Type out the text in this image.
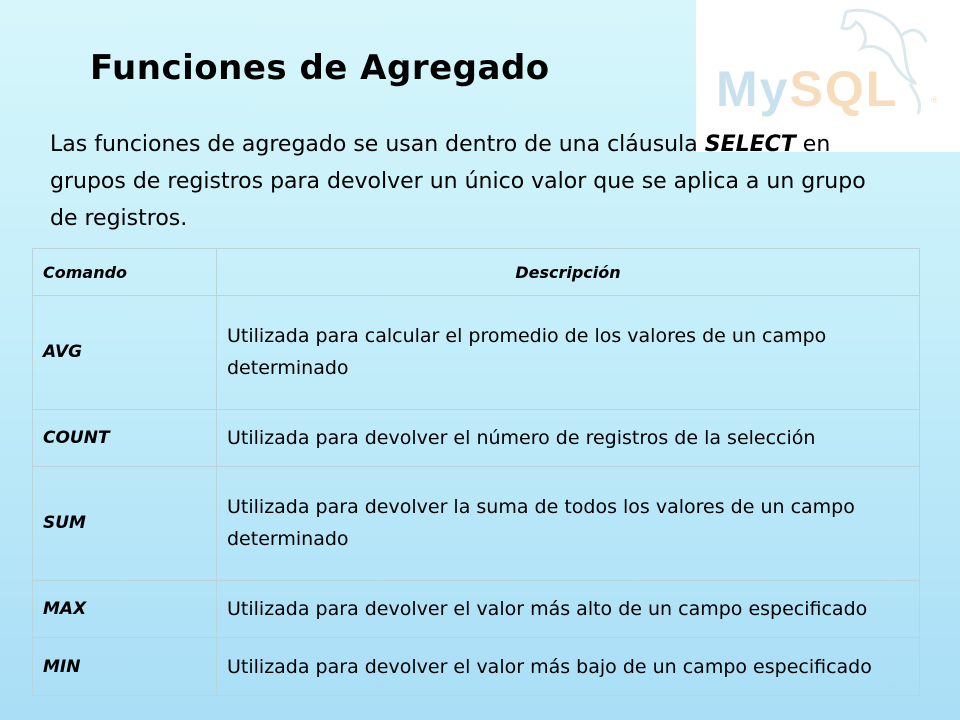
MySQL	®
Funciones de Agregado

Las funciones de agregado se usan dentro de una cláusula SELECT en grupos de registros para devolver un único valor que se aplica a un grupo de registros.

Comando	Descripción
AVG	Utilizada para calcular el promedio de los valores de un campo determinado
COUNT	Utilizada para devolver el número de registros de la selección
SUM	Utilizada para devolver la suma de todos los valores de un campo determinado
MAX	Utilizada para devolver el valor más alto de un campo especificado
MIN	Utilizada para devolver el valor más bajo de un campo especificado
